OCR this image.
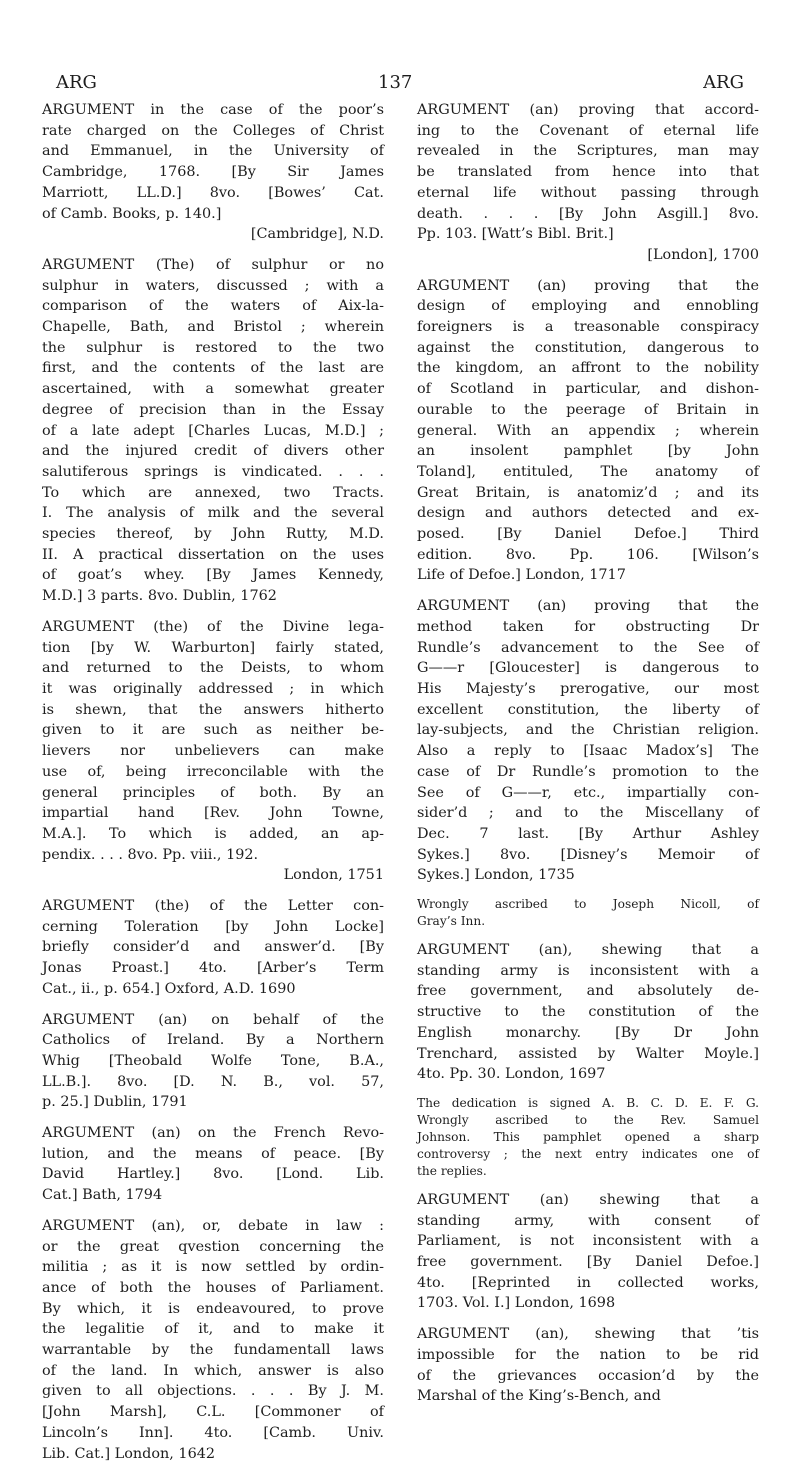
ARG	137	ARG
ARGUMENT in the case of the poor’s
rate charged on the Colleges of Christ
and Emmanuel, in the University of
Cambridge, 1768. [By Sir James
Marriott, LL.D.] 8vo. [Bowes’ Cat.
of Camb. Books, p. 140.]
[Cambridge], N.D.
ARGUMENT (The) of sulphur or no
sulphur in waters, discussed ; with a
comparison of the waters of Aix-la-
Chapelle, Bath, and Bristol ; wherein
the sulphur is restored to the two
first, and the contents of the last are
ascertained, with a somewhat greater
degree of precision than in the Essay
of a late adept [Charles Lucas, M.D.] ;
and the injured credit of divers other
salutiferous springs is vindicated. . . .
To which are annexed, two Tracts.
I. The analysis of milk and the several
species thereof, by John Rutty, M.D.
II. A practical dissertation on the uses
of goat’s whey. [By James Kennedy,
M.D.] 3 parts. 8vo. Dublin, 1762
ARGUMENT (the) of the Divine lega-
tion [by W. Warburton] fairly stated,
and returned to the Deists, to whom
it was originally addressed ; in which
is shewn, that the answers hitherto
given to it are such as neither be-
lievers nor unbelievers can make
use of, being irreconcilable with the
general principles of both. By an
impartial hand [Rev. John Towne,
M.A.]. To which is added, an ap-
pendix. . . . 8vo. Pp. viii., 192.
London, 1751
ARGUMENT (the) of the Letter con-
cerning Toleration [by John Locke]
briefly consider’d and answer’d. [By
Jonas Proast.] 4to. [Arber’s Term
Cat., ii., p. 654.] Oxford, A.D. 1690
ARGUMENT (an) on behalf of the
Catholics of Ireland. By a Northern
Whig [Theobald Wolfe Tone, B.A.,
LL.B.]. 8vo. [D. N. B., vol. 57,
p. 25.] Dublin, 1791
ARGUMENT (an) on the French Revo-
lution, and the means of peace. [By
David Hartley.] 8vo. [Lond. Lib.
Cat.] Bath, 1794
ARGUMENT (an), or, debate in law :
or the great qvestion concerning the
militia ; as it is now settled by ordin-
ance of both the houses of Parliament.
By which, it is endeavoured, to prove
the legalitie of it, and to make it
warrantable by the fundamentall laws
of the land. In which, answer is also
given to all objections. . . . By J. M.
[John Marsh], C.L. [Commoner of
Lincoln’s Inn]. 4to. [Camb. Univ.
Lib. Cat.] London, 1642
ARGUMENT (an) proving that accord-
ing to the Covenant of eternal life
revealed in the Scriptures, man may
be translated from hence into that
eternal life without passing through
death. . . . [By John Asgill.] 8vo.
Pp. 103. [Watt’s Bibl. Brit.]
[London], 1700
ARGUMENT (an) proving that the
design of employing and ennobling
foreigners is a treasonable conspiracy
against the constitution, dangerous to
the kingdom, an affront to the nobility
of Scotland in particular, and dishon-
ourable to the peerage of Britain in
general. With an appendix ; wherein
an insolent pamphlet [by John
Toland], entituled, The anatomy of
Great Britain, is anatomiz’d ; and its
design and authors detected and ex-
posed. [By Daniel Defoe.] Third
edition. 8vo. Pp. 106. [Wilson’s
Life of Defoe.] London, 1717
ARGUMENT (an) proving that the
method taken for obstructing Dr
Rundle’s advancement to the See of
G——r [Gloucester] is dangerous to
His Majesty’s prerogative, our most
excellent constitution, the liberty of
lay-subjects, and the Christian religion.
Also a reply to [Isaac Madox’s] The
case of Dr Rundle’s promotion to the
See of G——r, etc., impartially con-
sider’d ; and to the Miscellany of
Dec. 7 last. [By Arthur Ashley
Sykes.] 8vo. [Disney’s Memoir of
Sykes.] London, 1735
Wrongly ascribed to Joseph Nicoll, of
Gray’s Inn.
ARGUMENT (an), shewing that a
standing army is inconsistent with a
free government, and absolutely de-
structive to the constitution of the
English monarchy. [By Dr John
Trenchard, assisted by Walter Moyle.]
4to. Pp. 30. London, 1697
The dedication is signed A. B. C. D. E. F. G.
Wrongly ascribed to the Rev. Samuel
Johnson. This pamphlet opened a sharp
controversy ; the next entry indicates one of
the replies.
ARGUMENT (an) shewing that a
standing army, with consent of
Parliament, is not inconsistent with a
free government. [By Daniel Defoe.]
4to. [Reprinted in collected works,
1703. Vol. I.] London, 1698
ARGUMENT (an), shewing that ’tis
impossible for the nation to be rid
of the grievances occasion’d by the
Marshal of the King’s-Bench, and
